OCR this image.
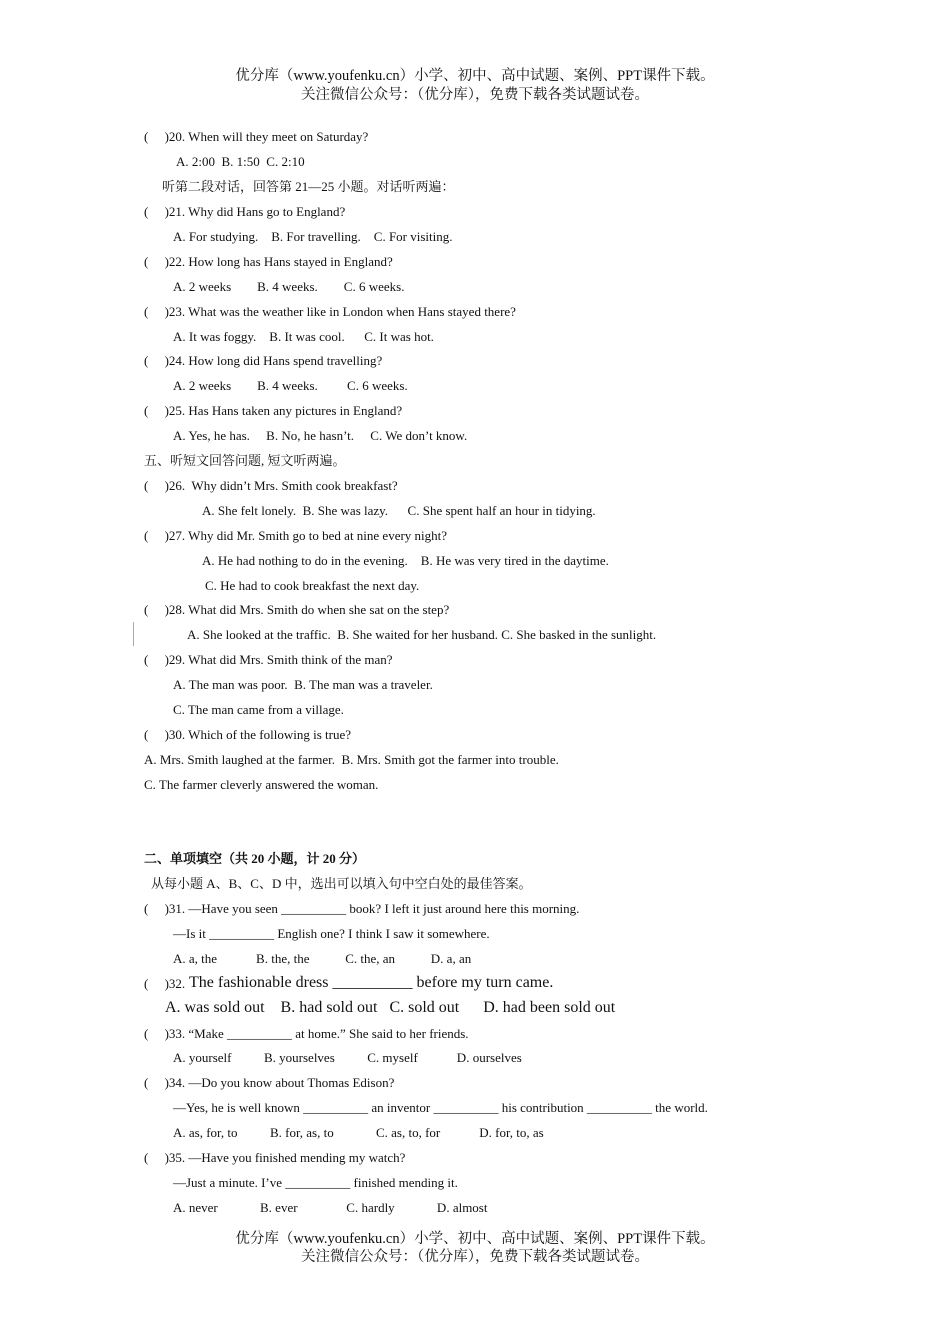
优分库（www.youfenku.cn）小学、初中、高中试题、案例、PPT课件下载。
关注微信公众号：（优分库），免费下载各类试题试卷。
(     )20. When will they meet on Saturday?
A. 2:00  B. 1:50  C. 2:10
听第二段对话，回答第 21—25 小题。对话听两遍：
(     )21. Why did Hans go to England?
A. For studying.    B. For travelling.    C. For visiting.
(     )22. How long has Hans stayed in England?
A. 2 weeks        B. 4 weeks.        C. 6 weeks.
(     )23. What was the weather like in London when Hans stayed there?
A. It was foggy.    B. It was cool.      C. It was hot.
(     )24. How long did Hans spend travelling?
A. 2 weeks        B. 4 weeks.         C. 6 weeks.
(     )25. Has Hans taken any pictures in England?
A. Yes, he has.     B. No, he hasn’t.     C. We don’t know.
五、听短文回答问题, 短文听两遍。
(     )26.  Why didn’t Mrs. Smith cook breakfast?
A. She felt lonely.  B. She was lazy.      C. She spent half an hour in tidying.
(     )27. Why did Mr. Smith go to bed at nine every night?
A. He had nothing to do in the evening.    B. He was very tired in the daytime.
C. He had to cook breakfast the next day.
(     )28. What did Mrs. Smith do when she sat on the step?
A. She looked at the traffic.  B. She waited for her husband. C. She basked in the sunlight.
(     )29. What did Mrs. Smith think of the man?
A. The man was poor.  B. The man was a traveler.
C. The man came from a village.
(     )30. Which of the following is true?
A. Mrs. Smith laughed at the farmer.  B. Mrs. Smith got the farmer into trouble.
C. The farmer cleverly answered the woman.
二、单项填空（共 20 小题，计 20 分）
从每小题 A、B、C、D 中，选出可以填入句中空白处的最佳答案。
(     )31. —Have you seen __________ book? I left it just around here this morning.
—Is it __________ English one? I think I saw it somewhere.
A. a, the            B. the, the           C. the, an           D. a, an
(     )32. The fashionable dress __________ before my turn came.
A. was sold out    B. had sold out   C. sold out      D. had been sold out
(     )33. “Make __________ at home.” She said to her friends.
A. yourself          B. yourselves          C. myself            D. ourselves
(     )34. —Do you know about Thomas Edison?
—Yes, he is well known __________ an inventor __________ his contribution __________ the world.
A. as, for, to          B. for, as, to             C. as, to, for            D. for, to, as
(     )35. —Have you finished mending my watch?
—Just a minute. I’ve __________ finished mending it.
A. never             B. ever               C. hardly             D. almost
优分库（www.youfenku.cn）小学、初中、高中试题、案例、PPT课件下载。
关注微信公众号：（优分库），免费下载各类试题试卷。
